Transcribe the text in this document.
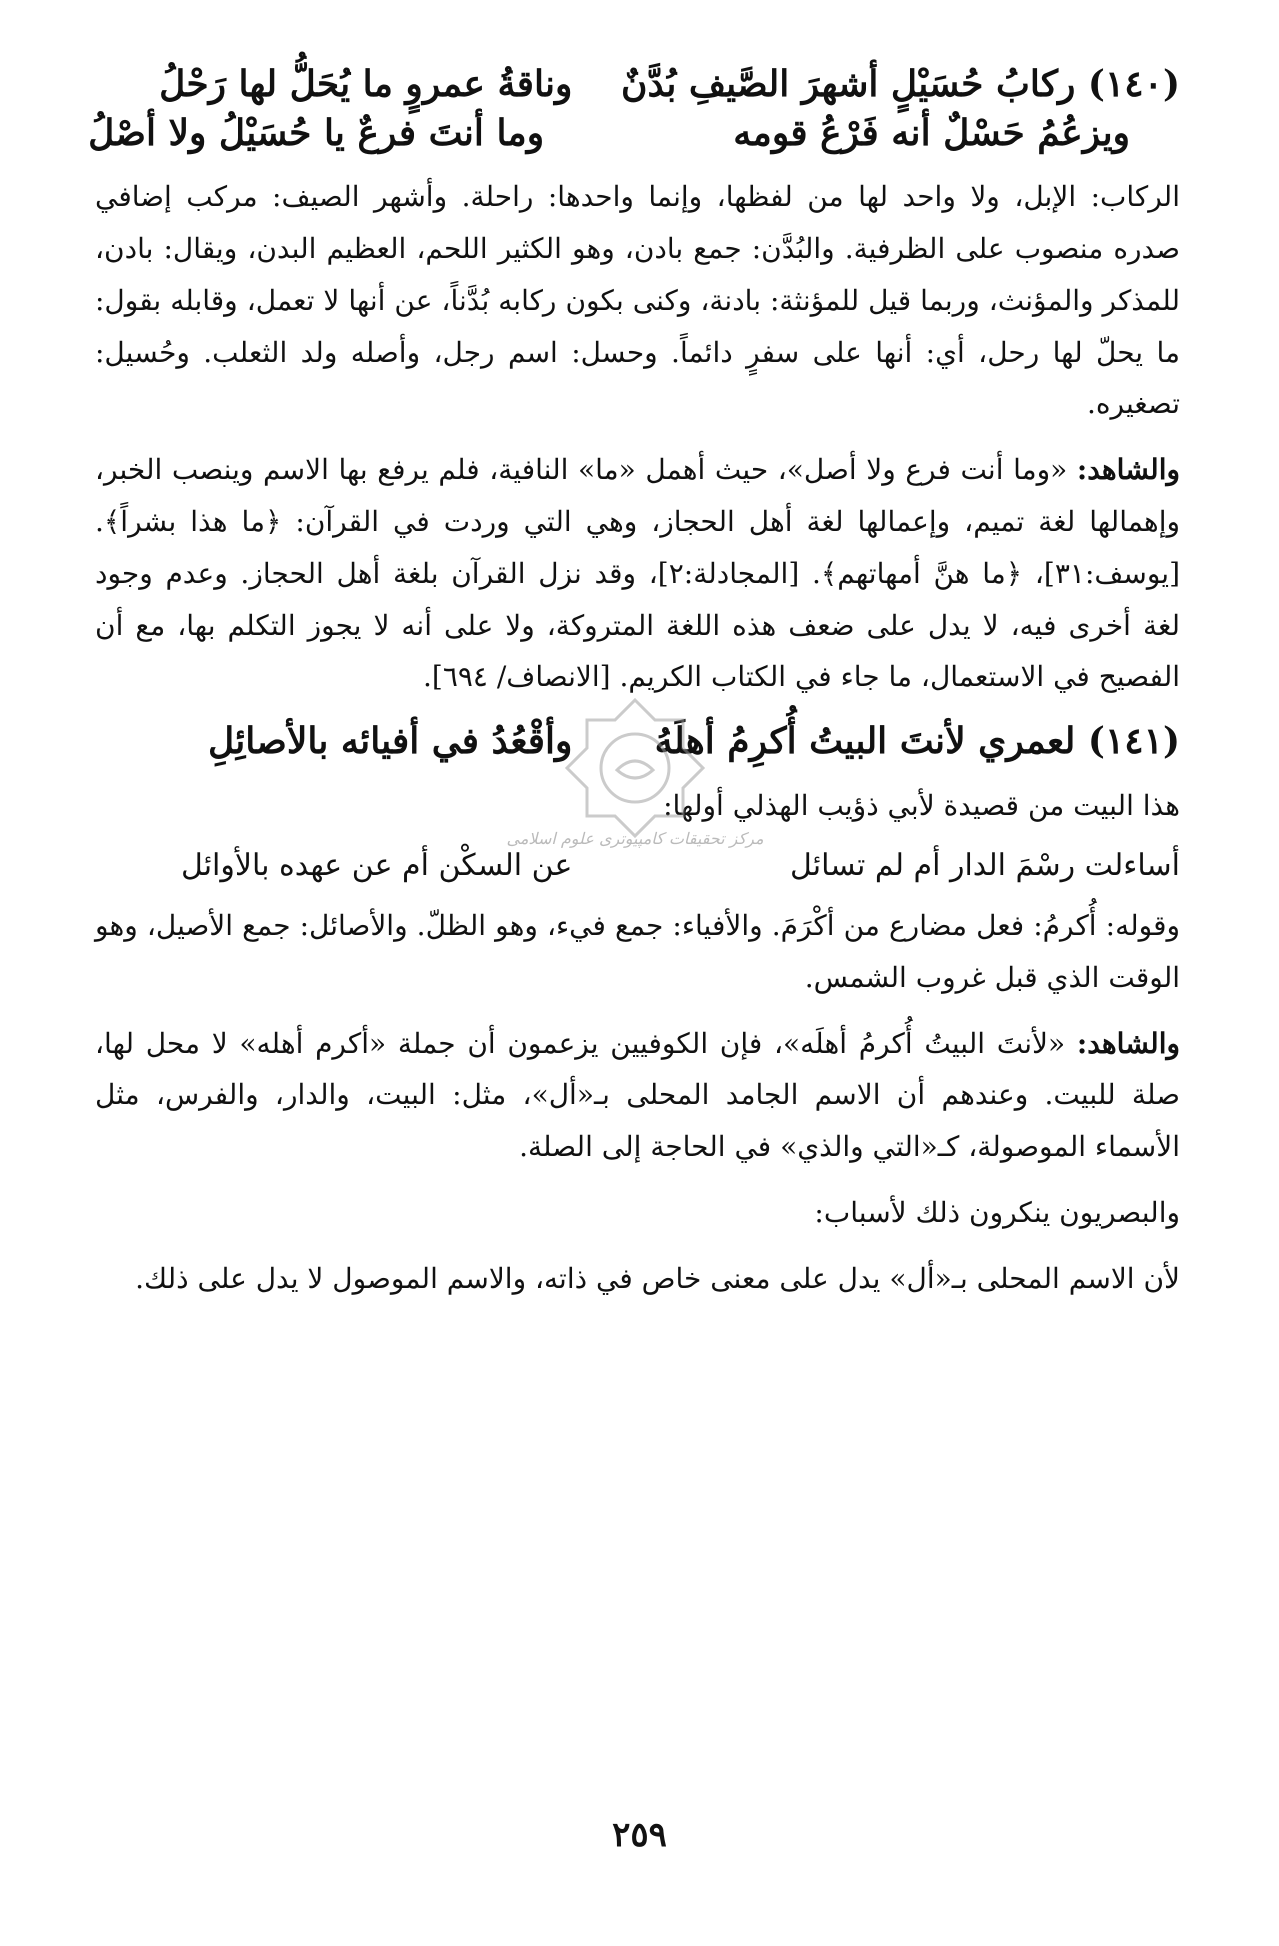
(١٤٠) ركابُ حُسَيْلٍ أشهرَ الصَّيفِ بُدَّنٌ
وناقةُ عمروٍ ما يُحَلُّ لها رَحْلُ
ويزعُمُ حَسْلٌ أنه فَرْعُ قومه
وما أنتَ فرعٌ يا حُسَيْلُ ولا أصْلُ

الركاب: الإبل، ولا واحد لها من لفظها، وإنما واحدها: راحلة. وأشهر الصيف: مركب إضافي صدره منصوب على الظرفية. والبُدَّن: جمع بادن، وهو الكثير اللحم، العظيم البدن، ويقال: بادن، للمذكر والمؤنث، وربما قيل للمؤنثة: بادنة، وكنى بكون ركابه بُدَّناً، عن أنها لا تعمل، وقابله بقول: ما يحلّ لها رحل، أي: أنها على سفرٍ دائماً. وحسل: اسم رجل، وأصله ولد الثعلب. وحُسيل: تصغيره.

والشاهد: «وما أنت فرع ولا أصل»، حيث أهمل «ما» النافية، فلم يرفع بها الاسم وينصب الخبر، وإهمالها لغة تميم، وإعمالها لغة أهل الحجاز، وهي التي وردت في القرآن: ﴿ما هذا بشراً﴾. [يوسف:٣١]، ﴿ما هنَّ أمهاتهم﴾. [المجادلة:٢]، وقد نزل القرآن بلغة أهل الحجاز. وعدم وجود لغة أخرى فيه، لا يدل على ضعف هذه اللغة المتروكة، ولا على أنه لا يجوز التكلم بها، مع أن الفصيح في الاستعمال، ما جاء في الكتاب الكريم. [الانصاف/ ٦٩٤].

(١٤١) لعمري لأنتَ البيتُ أُكرِمُ أهلَهُ
وأقْعُدُ في أفيائه بالأصائِلِ

هذا البيت من قصيدة لأبي ذؤيب الهذلي أولها:

أساءلت رسْمَ الدار أم لم تسائل
عن السكْن أم عن عهده بالأوائل

وقوله: أُكرمُ: فعل مضارع من أكْرَمَ. والأفياء: جمع فيء، وهو الظلّ. والأصائل: جمع الأصيل، وهو الوقت الذي قبل غروب الشمس.

والشاهد: «لأنتَ البيتُ أُكرمُ أهلَه»، فإن الكوفيين يزعمون أن جملة «أكرم أهله» لا محل لها، صلة للبيت. وعندهم أن الاسم الجامد المحلى بـ«أل»، مثل: البيت، والدار، والفرس، مثل الأسماء الموصولة، كـ«التي والذي» في الحاجة إلى الصلة.

والبصريون ينكرون ذلك لأسباب:

لأن الاسم المحلى بـ«أل» يدل على معنى خاص في ذاته، والاسم الموصول لا يدل على ذلك.

مركز تحقیقات کامپیوتری علوم اسلامی
٢٥٩
